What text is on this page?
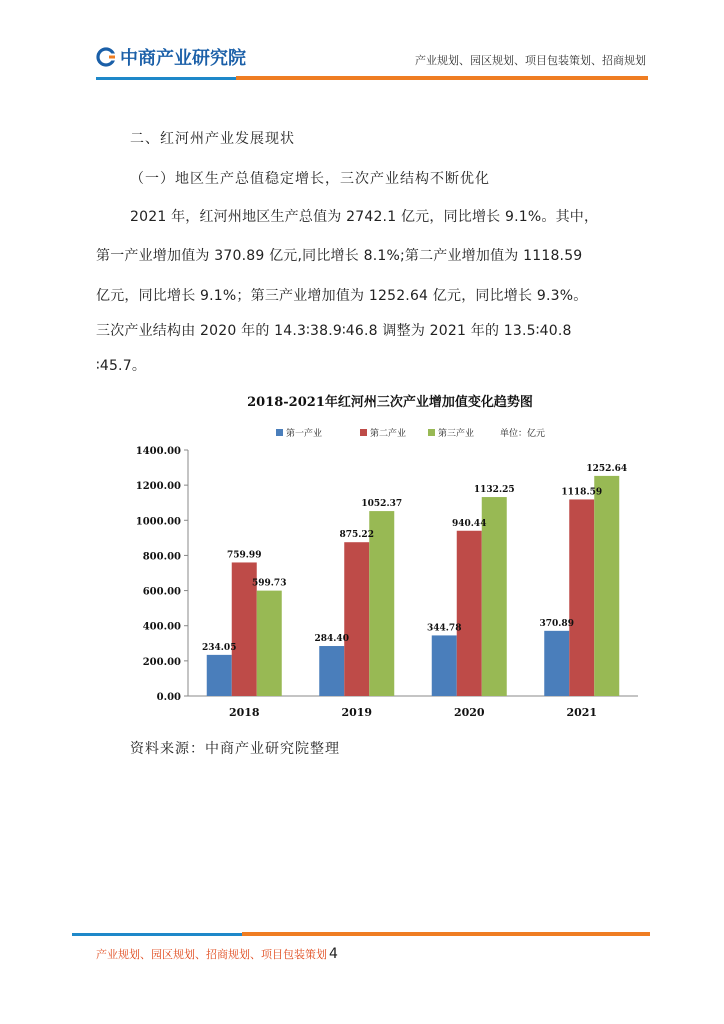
中商产业研究院	产业规划、园区规划、项目包装策划、招商规划
二、红河州产业发展现状
（一）地区生产总值稳定增长，三次产业结构不断优化
2021 年，红河州地区生产总值为 2742.1 亿元，同比增长 9.1%。其中，
第一产业增加值为 370.89 亿元,同比增长 8.1%;第二产业增加值为 1118.59
亿元，同比增长 9.1%；第三产业增加值为 1252.64 亿元，同比增长 9.3%。
三次产业结构由 2020 年的 14.3∶38.9∶46.8 调整为 2021 年的 13.5∶40.8
∶45.7。
2018-2021年红河州三次产业增加值变化趋势图
第一产业	第二产业	第三产业	单位：亿元
0.00
200.00
400.00
600.00
800.00
1000.00
1200.00
1400.00
2018	2019	2020	2021
234.05
759.99
599.73
284.40
875.22
1052.37
344.78
940.44
1132.25
370.89
1118.59
1252.64
资料来源：中商产业研究院整理
产业规划、园区规划、招商规划、项目包装策划 4
